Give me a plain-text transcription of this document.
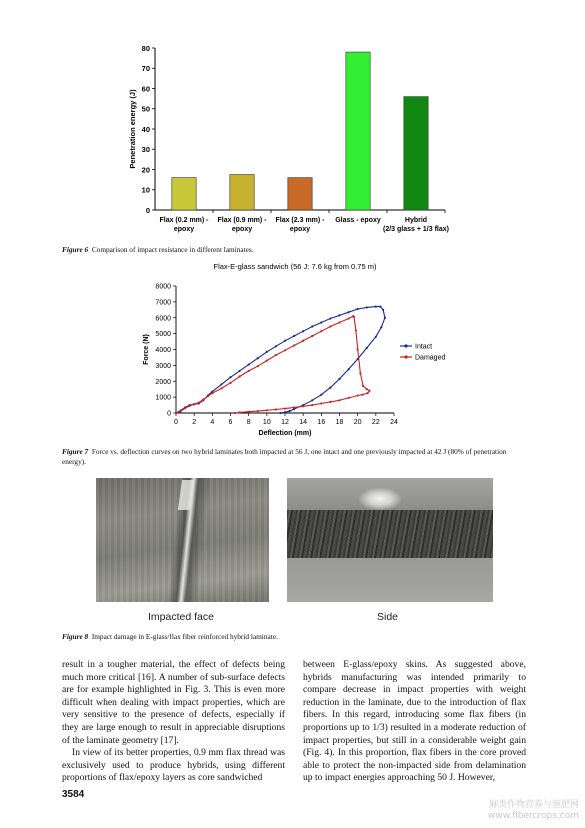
0
10
20
30
40
50
60
70
80
Penetration energy (J)
Flax (0.2 mm) -
epoxy
Flax (0.9 mm) -
epoxy
Flax (2.3 mm) -
epoxy
Glass - epoxy	Hybrid
(2/3 glass + 1/3 flax)
Figure 6 Comparison of impact resistance in different laminates.
Flax-E-glass sandwich (56 J: 7.6 kg from 0.75 m)
0
1000
2000
3000
4000
5000
6000
7000
8000
0 2 4 6 8 10 12 14 16 18 20 22 24
Force (N)
Deflection (mm)
Intact
Damaged
Figure 7 Force vs. deflection curves on two hybrid laminates both impacted at 56 J, one intact and one previously impacted at 42 J (80% of penetration energy).
Impacted face	Side
Figure 8 Impact damage in E-glass/flax fiber reinforced hybrid laminate.

result in a tougher material, the effect of defects being much more critical [16]. A number of sub-surface defects are for example highlighted in Fig. 3. This is even more difficult when dealing with impact properties, which are very sensitive to the presence of defects, especially if they are large enough to result in appreciable disruptions of the laminate geometry [17].

In view of its better properties, 0.9 mm flax thread was exclusively used to produce hybrids, using different proportions of flax/epoxy layers as core sandwiched

between E-glass/epoxy skins. As suggested above, hybrids manufacturing was intended primarily to compare decrease in impact properties with weight reduction in the laminate, due to the introduction of flax fibers. In this regard, introducing some flax fibers (in proportions up to 1/3) resulted in a moderate reduction of impact properties, but still in a considerable weight gain (Fig. 4). In this proportion, flax fibers in the core proved able to protect the non-impacted side from delamination up to impact energies approaching 50 J. However,

3584
麻类作物营养与施肥网
www.fibercrops.com
